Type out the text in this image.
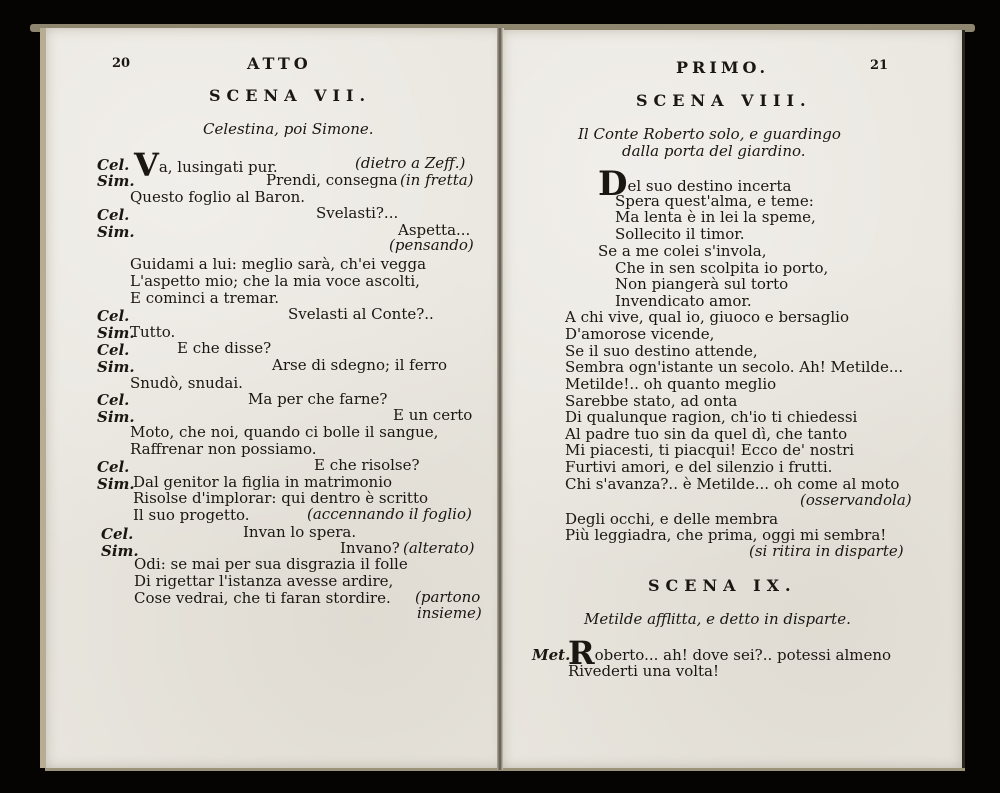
20	ATTO
SCENA VII.
Celestina, poi Simone.
Cel. Va, lusingati pur.	(dietro a Zeff.)
Sim.	Prendi, consegna (in fretta)
Questo foglio al Baron.
Cel.	Svelasti?...
Sim.	Aspetta...
(pensando)
Guidami a lui: meglio sarà, ch'ei vegga
L'aspetto mio; che la mia voce ascolti,
E cominci a tremar.
Cel.	Svelasti al Conte?..
Sim.
Tutto.
Cel.	E che disse?
Sim.	Arse di sdegno; il ferro
Snudò, snudai.
Cel.	Ma per che farne?
Sim.	E un certo
Moto, che noi, quando ci bolle il sangue,
Raffrenar non possiamo.
Cel.	E che risolse?
Sim.
Dal genitor la figlia in matrimonio
Risolse d'implorar: qui dentro è scritto
Il suo progetto.	(accennando il foglio)
Cel.	Invan lo spera.
Sim.	Invano? (alterato)
Odi: se mai per sua disgrazia il folle
Di rigettar l'istanza avesse ardire,
Cose vedrai, che ti faran stordire. (partono
insieme)
PRIMO.	21
SCENA VIII.
Il Conte Roberto solo, e guardingo
dalla porta del giardino.
Del suo destino incerta
Spera quest'alma, e teme:
Ma lenta è in lei la speme,
Sollecito il timor.
Se a me colei s'invola,
Che in sen scolpita io porto,
Non piangerà sul torto
Invendicato amor.
A chi vive, qual io, giuoco e bersaglio
D'amorose vicende,
Se il suo destino attende,
Sembra ogn'istante un secolo. Ah! Metilde...
Metilde!.. oh quanto meglio
Sarebbe stato, ad onta
Di qualunque ragion, ch'io ti chiedessi
Al padre tuo sin da quel dì, che tanto
Mi piacesti, ti piacqui! Ecco de' nostri
Furtivi amori, e del silenzio i frutti.
Chi s'avanza?.. è Metilde... oh come al moto
(osservandola)
Degli occhi, e delle membra
Più leggiadra, che prima, oggi mi sembra!
(si ritira in disparte)
SCENA IX.
Metilde afflitta, e detto in disparte.
Met.
Roberto... ah! dove sei?.. potessi almeno
Rivederti una volta!
